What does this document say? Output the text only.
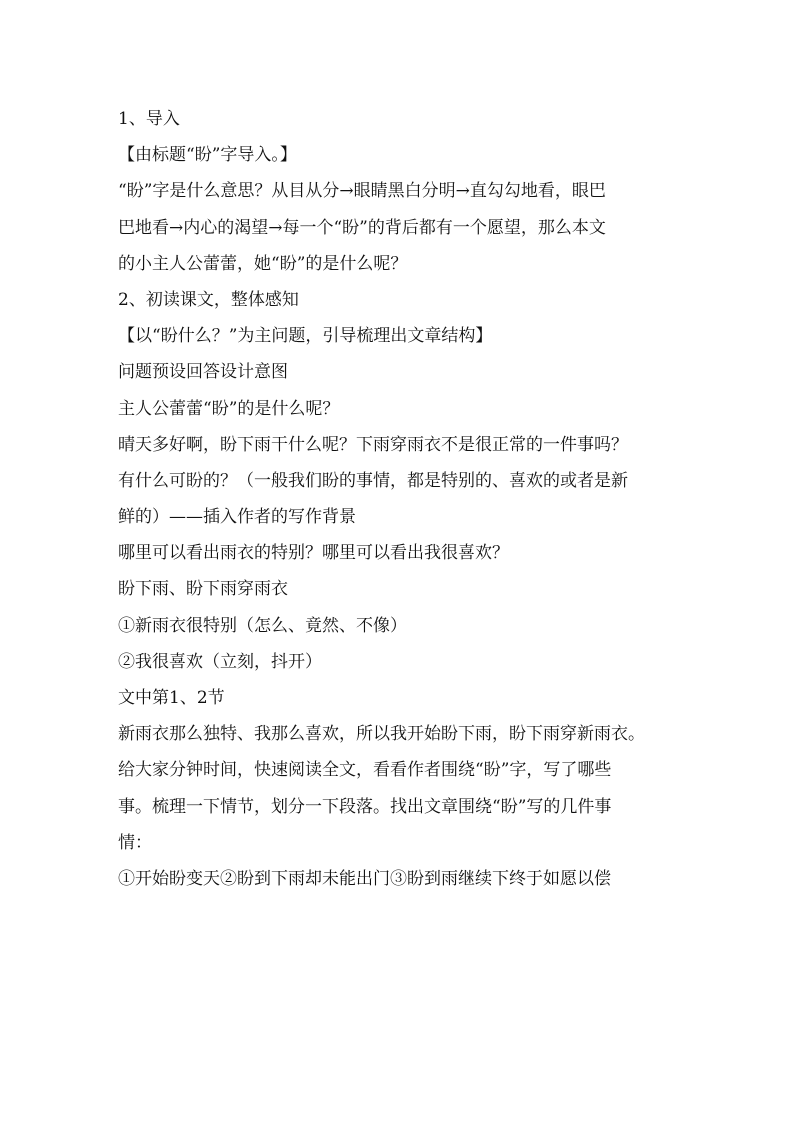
1、导入
【由标题“盼”字导入。】
“盼”字是什么意思？从目从分→眼睛黑白分明→直勾勾地看，眼巴
巴地看→内心的渴望→每一个“盼”的背后都有一个愿望，那么本文
的小主人公蕾蕾，她“盼”的是什么呢？
2、初读课文，整体感知
【以“盼什么？”为主问题，引导梳理出文章结构】
问题预设回答设计意图
主人公蕾蕾“盼”的是什么呢？
晴天多好啊，盼下雨干什么呢？下雨穿雨衣不是很正常的一件事吗？
有什么可盼的？（一般我们盼的事情，都是特别的、喜欢的或者是新
鲜的）——插入作者的写作背景
哪里可以看出雨衣的特别？哪里可以看出我很喜欢？
盼下雨、盼下雨穿雨衣
①新雨衣很特别（怎么、竟然、不像）
②我很喜欢（立刻，抖开）
文中第1、2节
新雨衣那么独特、我那么喜欢，所以我开始盼下雨，盼下雨穿新雨衣。
给大家分钟时间，快速阅读全文，看看作者围绕“盼”字，写了哪些
事。梳理一下情节，划分一下段落。找出文章围绕“盼”写的几件事
情：
①开始盼变天②盼到下雨却未能出门③盼到雨继续下终于如愿以偿
